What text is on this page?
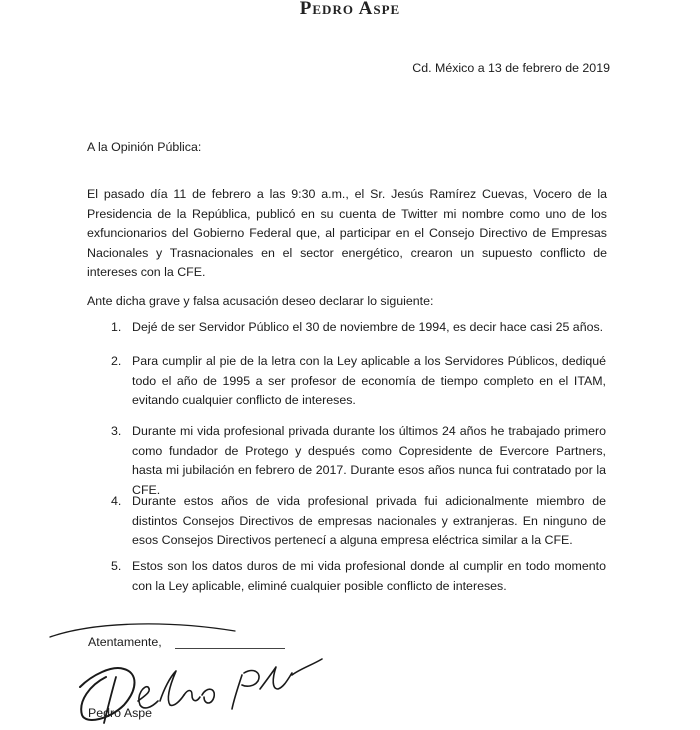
Pedro Aspe
Cd. México a 13 de febrero de 2019
A la Opinión Pública:
El pasado día 11 de febrero a las 9:30 a.m., el Sr. Jesús Ramírez Cuevas, Vocero de la Presidencia de la República, publicó en su cuenta de Twitter mi nombre como uno de los exfuncionarios del Gobierno Federal que, al participar en el Consejo Directivo de Empresas Nacionales y Trasnacionales en el sector energético, crearon un supuesto conflicto de intereses con la CFE.
Ante dicha grave y falsa acusación deseo declarar lo siguiente:
1. Dejé de ser Servidor Público el 30 de noviembre de 1994, es decir hace casi 25 años.
2. Para cumplir al pie de la letra con la Ley aplicable a los Servidores Públicos, dediqué todo el año de 1995 a ser profesor de economía de tiempo completo en el ITAM, evitando cualquier conflicto de intereses.
3. Durante mi vida profesional privada durante los últimos 24 años he trabajado primero como fundador de Protego y después como Copresidente de Evercore Partners, hasta mi jubilación en febrero de 2017. Durante esos años nunca fui contratado por la CFE.
4. Durante estos años de vida profesional privada fui adicionalmente miembro de distintos Consejos Directivos de empresas nacionales y extranjeras. En ninguno de esos Consejos Directivos pertenecí a alguna empresa eléctrica similar a la CFE.
5. Estos son los datos duros de mi vida profesional donde al cumplir en todo momento con la Ley aplicable, eliminé cualquier posible conflicto de intereses.
Atentamente,
Pedro Aspe
